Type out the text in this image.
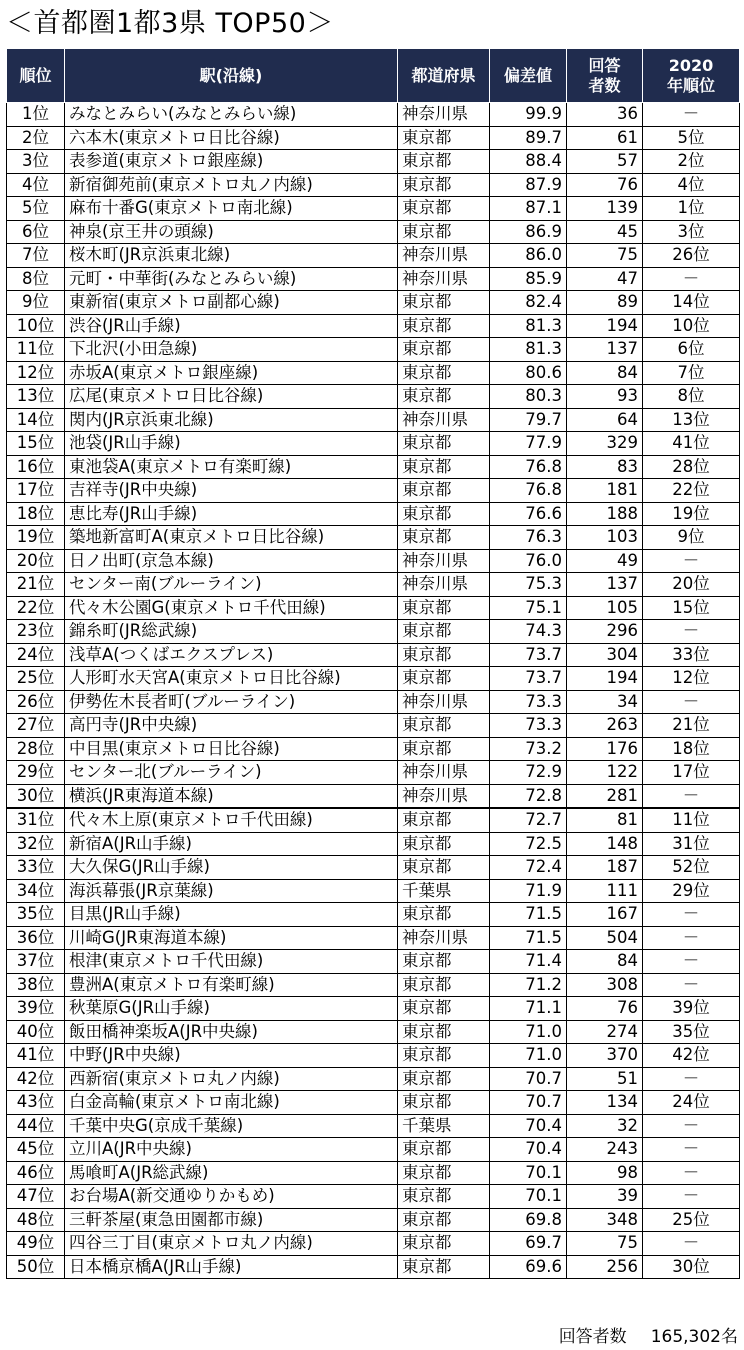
＜首都圏1都3県 TOP50＞
順位	駅(沿線)	都道府県	偏差値	回答者数	2020年順位
1位	みなとみらい(みなとみらい線)	神奈川県	99.9	36	－
2位	六本木(東京メトロ日比谷線)	東京都	89.7	61	5位
3位	表参道(東京メトロ銀座線)	東京都	88.4	57	2位
4位	新宿御苑前(東京メトロ丸ノ内線)	東京都	87.9	76	4位
5位	麻布十番G(東京メトロ南北線)	東京都	87.1	139	1位
6位	神泉(京王井の頭線)	東京都	86.9	45	3位
7位	桜木町(JR京浜東北線)	神奈川県	86.0	75	26位
8位	元町・中華街(みなとみらい線)	神奈川県	85.9	47	－
9位	東新宿(東京メトロ副都心線)	東京都	82.4	89	14位
10位	渋谷(JR山手線)	東京都	81.3	194	10位
11位	下北沢(小田急線)	東京都	81.3	137	6位
12位	赤坂A(東京メトロ銀座線)	東京都	80.6	84	7位
13位	広尾(東京メトロ日比谷線)	東京都	80.3	93	8位
14位	関内(JR京浜東北線)	神奈川県	79.7	64	13位
15位	池袋(JR山手線)	東京都	77.9	329	41位
16位	東池袋A(東京メトロ有楽町線)	東京都	76.8	83	28位
17位	吉祥寺(JR中央線)	東京都	76.8	181	22位
18位	恵比寿(JR山手線)	東京都	76.6	188	19位
19位	築地新富町A(東京メトロ日比谷線)	東京都	76.3	103	9位
20位	日ノ出町(京急本線)	神奈川県	76.0	49	－
21位	センター南(ブルーライン)	神奈川県	75.3	137	20位
22位	代々木公園G(東京メトロ千代田線)	東京都	75.1	105	15位
23位	錦糸町(JR総武線)	東京都	74.3	296	－
24位	浅草A(つくばエクスプレス)	東京都	73.7	304	33位
25位	人形町水天宮A(東京メトロ日比谷線)	東京都	73.7	194	12位
26位	伊勢佐木長者町(ブルーライン)	神奈川県	73.3	34	－
27位	高円寺(JR中央線)	東京都	73.3	263	21位
28位	中目黒(東京メトロ日比谷線)	東京都	73.2	176	18位
29位	センター北(ブルーライン)	神奈川県	72.9	122	17位
30位	横浜(JR東海道本線)	神奈川県	72.8	281	－
31位	代々木上原(東京メトロ千代田線)	東京都	72.7	81	11位
32位	新宿A(JR山手線)	東京都	72.5	148	31位
33位	大久保G(JR山手線)	東京都	72.4	187	52位
34位	海浜幕張(JR京葉線)	千葉県	71.9	111	29位
35位	目黒(JR山手線)	東京都	71.5	167	－
36位	川崎G(JR東海道本線)	神奈川県	71.5	504	－
37位	根津(東京メトロ千代田線)	東京都	71.4	84	－
38位	豊洲A(東京メトロ有楽町線)	東京都	71.2	308	－
39位	秋葉原G(JR山手線)	東京都	71.1	76	39位
40位	飯田橋神楽坂A(JR中央線)	東京都	71.0	274	35位
41位	中野(JR中央線)	東京都	71.0	370	42位
42位	西新宿(東京メトロ丸ノ内線)	東京都	70.7	51	－
43位	白金高輪(東京メトロ南北線)	東京都	70.7	134	24位
44位	千葉中央G(京成千葉線)	千葉県	70.4	32	－
45位	立川A(JR中央線)	東京都	70.4	243	－
46位	馬喰町A(JR総武線)	東京都	70.1	98	－
47位	お台場A(新交通ゆりかもめ)	東京都	70.1	39	－
48位	三軒茶屋(東急田園都市線)	東京都	69.8	348	25位
49位	四谷三丁目(東京メトロ丸ノ内線)	東京都	69.7	75	－
50位	日本橋京橋A(JR山手線)	東京都	69.6	256	30位
回答者数 165,302名
